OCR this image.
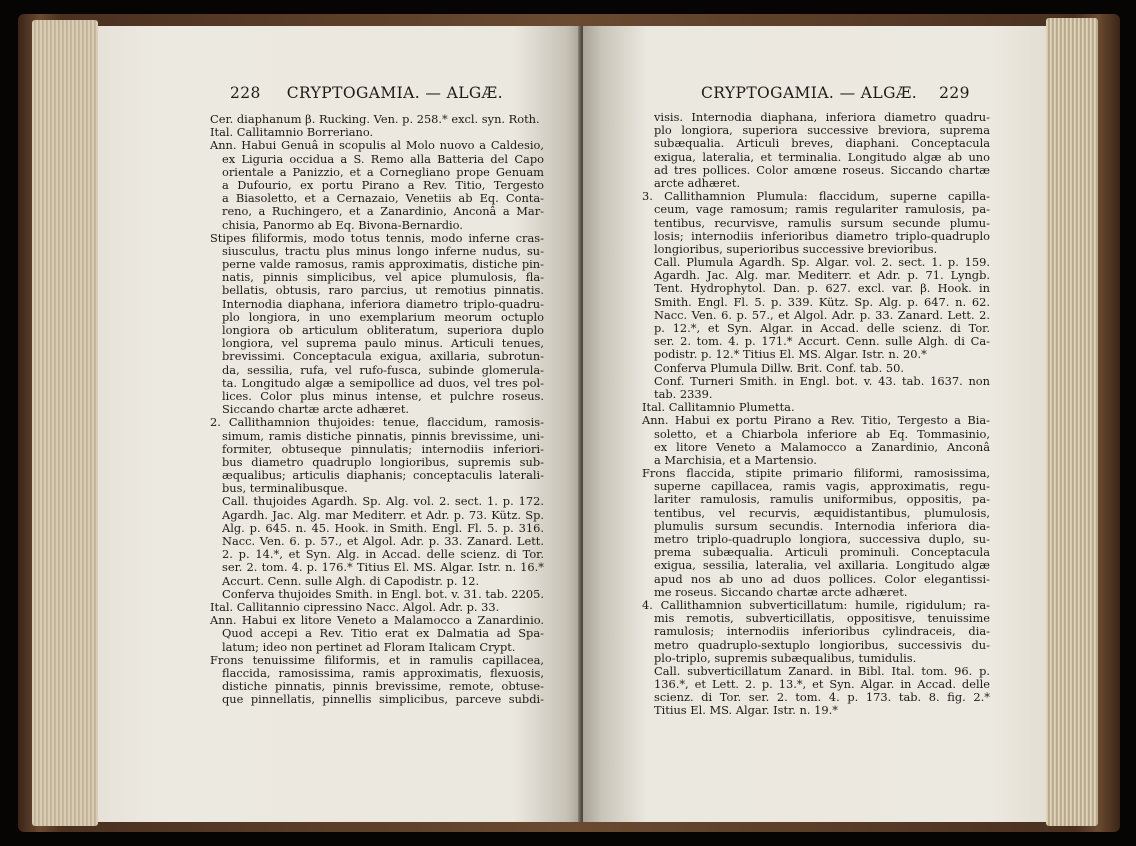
228 CRYPTOGAMIA. — ALGÆ.
Cer. diaphanum β. Rucking. Ven. p. 258.* excl. syn. Roth.
Ital. Callitamnio Borreriano.
Ann. Habui Genuâ in scopulis al Molo nuovo a Caldesio,
ex Liguria occidua a S. Remo alla Batteria del Capo
orientale a Panizzio, et a Cornegliano prope Genuam
a Dufourio, ex portu Pirano a Rev. Titio, Tergesto
a Biasoletto, et a Cernazaio, Venetiis ab Eq. Conta-
reno, a Ruchingero, et a Zanardinio, Anconâ a Mar-
chisia, Panormo ab Eq. Bivona-Bernardio.
Stipes filiformis, modo totus tennis, modo inferne cras-
siusculus, tractu plus minus longo inferne nudus, su-
perne valde ramosus, ramis approximatis, distiche pin-
natis, pinnis simplicibus, vel apice plumulosis, fla-
bellatis, obtusis, raro parcius, ut remotius pinnatis.
Internodia diaphana, inferiora diametro triplo-quadru-
plo longiora, in uno exemplarium meorum octuplo
longiora ob articulum obliteratum, superiora duplo
longiora, vel suprema paulo minus. Articuli tenues,
brevissimi. Conceptacula exigua, axillaria, subrotun-
da, sessilia, rufa, vel rufo-fusca, subinde glomerula-
ta. Longitudo algæ a semipollice ad duos, vel tres pol-
lices. Color plus minus intense, et pulchre roseus.
Siccando chartæ arcte adhæret.
2. Callithamnion thujoides: tenue, flaccidum, ramosis-
simum, ramis distiche pinnatis, pinnis brevissime, uni-
formiter, obtuseque pinnulatis; internodiis inferiori-
bus diametro quadruplo longioribus, supremis sub-
æqualibus; articulis diaphanis; conceptaculis laterali-
bus, terminalibusque.
Call. thujoides Agardh. Sp. Alg. vol. 2. sect. 1. p. 172.
Agardh. Jac. Alg. mar Mediterr. et Adr. p. 73. Kütz. Sp.
Alg. p. 645. n. 45. Hook. in Smith. Engl. Fl. 5. p. 316.
Nacc. Ven. 6. p. 57., et Algol. Adr. p. 33. Zanard. Lett.
2. p. 14.*, et Syn. Alg. in Accad. delle scienz. di Tor.
ser. 2. tom. 4. p. 176.* Titius El. MS. Algar. Istr. n. 16.*
Accurt. Cenn. sulle Algh. di Capodistr. p. 12.
Conferva thujoides Smith. in Engl. bot. v. 31. tab. 2205.
Ital. Callitannio cipressino Nacc. Algol. Adr. p. 33.
Ann. Habui ex litore Veneto a Malamocco a Zanardinio.
Quod accepi a Rev. Titio erat ex Dalmatia ad Spa-
latum; ideo non pertinet ad Floram Italicam Crypt.
Frons tenuissime filiformis, et in ramulis capillacea,
flaccida, ramosissima, ramis approximatis, flexuosis,
distiche pinnatis, pinnis brevissime, remote, obtuse-
que pinnellatis, pinnellis simplicibus, parceve subdi-
CRYPTOGAMIA. — ALGÆ. 229
visis. Internodia diaphana, inferiora diametro quadru-
plo longiora, superiora successive breviora, suprema
subæqualia. Articuli breves, diaphani. Conceptacula
exigua, lateralia, et terminalia. Longitudo algæ ab uno
ad tres pollices. Color amœne roseus. Siccando chartæ
arcte adhæret.
3. Callithamnion Plumula: flaccidum, superne capilla-
ceum, vage ramosum; ramis regulariter ramulosis, pa-
tentibus, recurvisve, ramulis sursum secunde plumu-
losis; internodiis inferioribus diametro triplo-quadruplo
longioribus, superioribus successive brevioribus.
Call. Plumula Agardh. Sp. Algar. vol. 2. sect. 1. p. 159.
Agardh. Jac. Alg. mar. Mediterr. et Adr. p. 71. Lyngb.
Tent. Hydrophytol. Dan. p. 627. excl. var. β. Hook. in
Smith. Engl. Fl. 5. p. 339. Kütz. Sp. Alg. p. 647. n. 62.
Nacc. Ven. 6. p. 57., et Algol. Adr. p. 33. Zanard. Lett. 2.
p. 12.*, et Syn. Algar. in Accad. delle scienz. di Tor.
ser. 2. tom. 4. p. 171.* Accurt. Cenn. sulle Algh. di Ca-
podistr. p. 12.* Titius El. MS. Algar. Istr. n. 20.*
Conferva Plumula Dillw. Brit. Conf. tab. 50.
Conf. Turneri Smith. in Engl. bot. v. 43. tab. 1637. non
tab. 2339.
Ital. Callitamnio Plumetta.
Ann. Habui ex portu Pirano a Rev. Titio, Tergesto a Bia-
soletto, et a Chiarbola inferiore ab Eq. Tommasinio,
ex litore Veneto a Malamocco a Zanardinio, Anconâ
a Marchisia, et a Martensio.
Frons flaccida, stipite primario filiformi, ramosissima,
superne capillacea, ramis vagis, approximatis, regu-
lariter ramulosis, ramulis uniformibus, oppositis, pa-
tentibus, vel recurvis, æquidistantibus, plumulosis,
plumulis sursum secundis. Internodia inferiora dia-
metro triplo-quadruplo longiora, successiva duplo, su-
prema subæqualia. Articuli prominuli. Conceptacula
exigua, sessilia, lateralia, vel axillaria. Longitudo algæ
apud nos ab uno ad duos pollices. Color elegantissi-
me roseus. Siccando chartæ arcte adhæret.
4. Callithamnion subverticillatum: humile, rigidulum; ra-
mis remotis, subverticillatis, oppositisve, tenuissime
ramulosis; internodiis inferioribus cylindraceis, dia-
metro quadruplo-sextuplo longioribus, successivis du-
plo-triplo, supremis subæqualibus, tumidulis.
Call. subverticillatum Zanard. in Bibl. Ital. tom. 96. p.
136.*, et Lett. 2. p. 13.*, et Syn. Algar. in Accad. delle
scienz. di Tor. ser. 2. tom. 4. p. 173. tab. 8. fig. 2.*
Titius El. MS. Algar. Istr. n. 19.*
